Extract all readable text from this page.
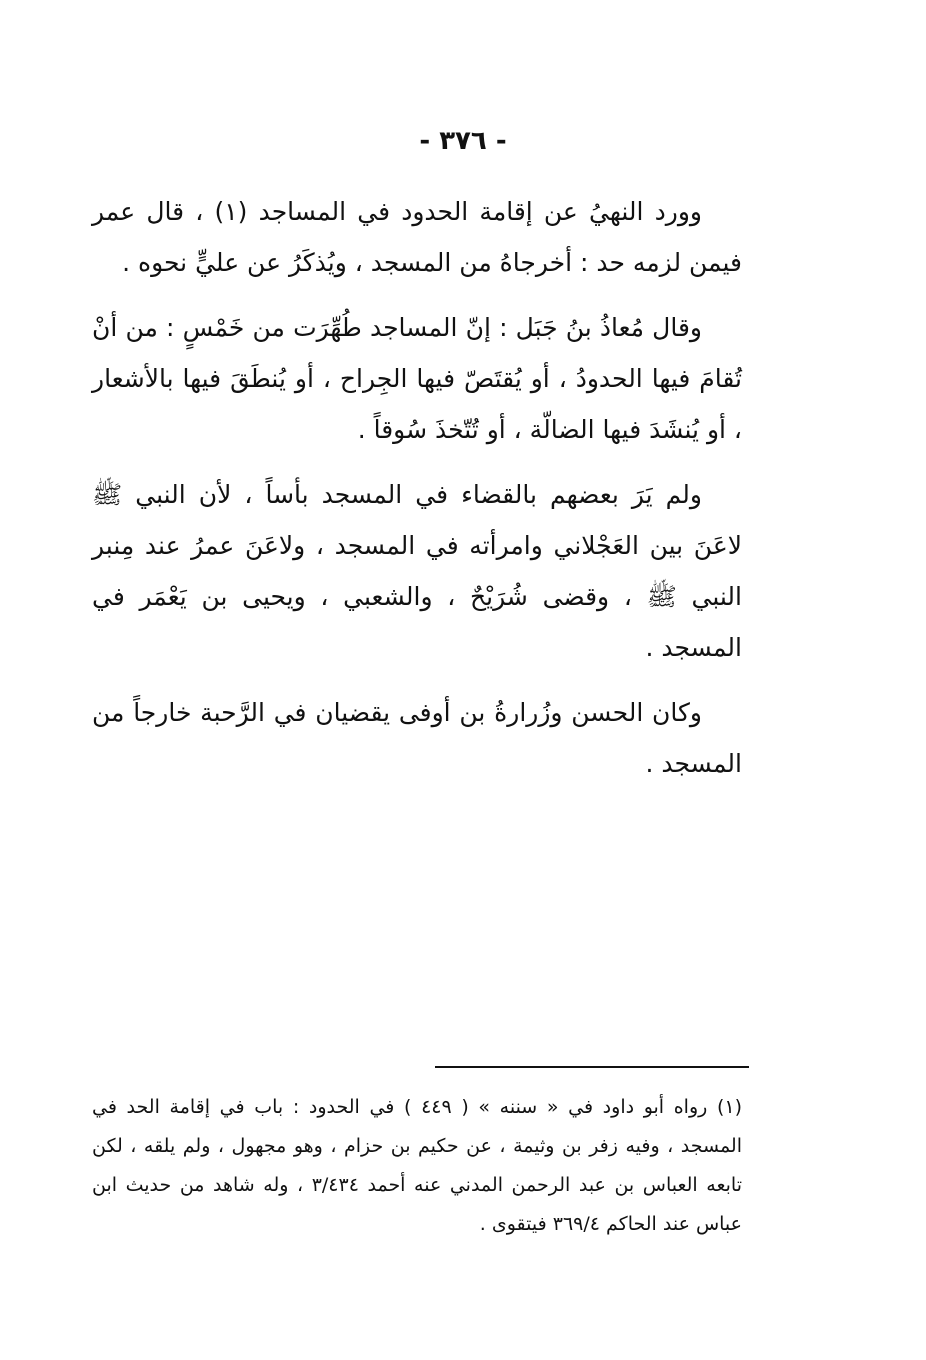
- ٣٧٦ -

وورد النهيُ عن إقامة الحدود في المساجد (١) ، قال عمر فيمن لزمه حد : أخرجاهُ من المسجد ، ويُذكَرُ عن عليٍّ نحوه .

وقال مُعاذُ بنُ جَبَل : إنّ المساجد طُهِّرَت من خَمْسٍ : من أنْ تُقامَ فيها الحدودُ ، أو يُقتَصّ فيها الجِراح ، أو يُنطَقَ فيها بالأشعار ، أو يُنشَدَ فيها الضالّة ، أو تُتّخذَ سُوقاً .

ولم يَرَ بعضهم بالقضاء في المسجد بأساً ، لأن النبي ﷺ لاعَنَ بين العَجْلاني وامرأته في المسجد ، ولاعَنَ عمرُ عند مِنبر النبي ﷺ ، وقضى شُرَيْحٌ ، والشعبي ، ويحيى بن يَعْمَر في المسجد .

وكان الحسن وزُرارةُ بن أوفى يقضيان في الرَّحبة خارجاً من المسجد .

(١) رواه أبو داود في « سننه » ( ٤٤٩ ) في الحدود : باب في إقامة الحد في المسجد ، وفيه زفر بن وثيمة ، عن حكيم بن حزام ، وهو مجهول ، ولم يلقه ، لكن تابعه العباس بن عبد الرحمن المدني عنه أحمد ٣/٤٣٤ ، وله شاهد من حديث ابن عباس عند الحاكم ٣٦٩/٤ فيتقوى .
